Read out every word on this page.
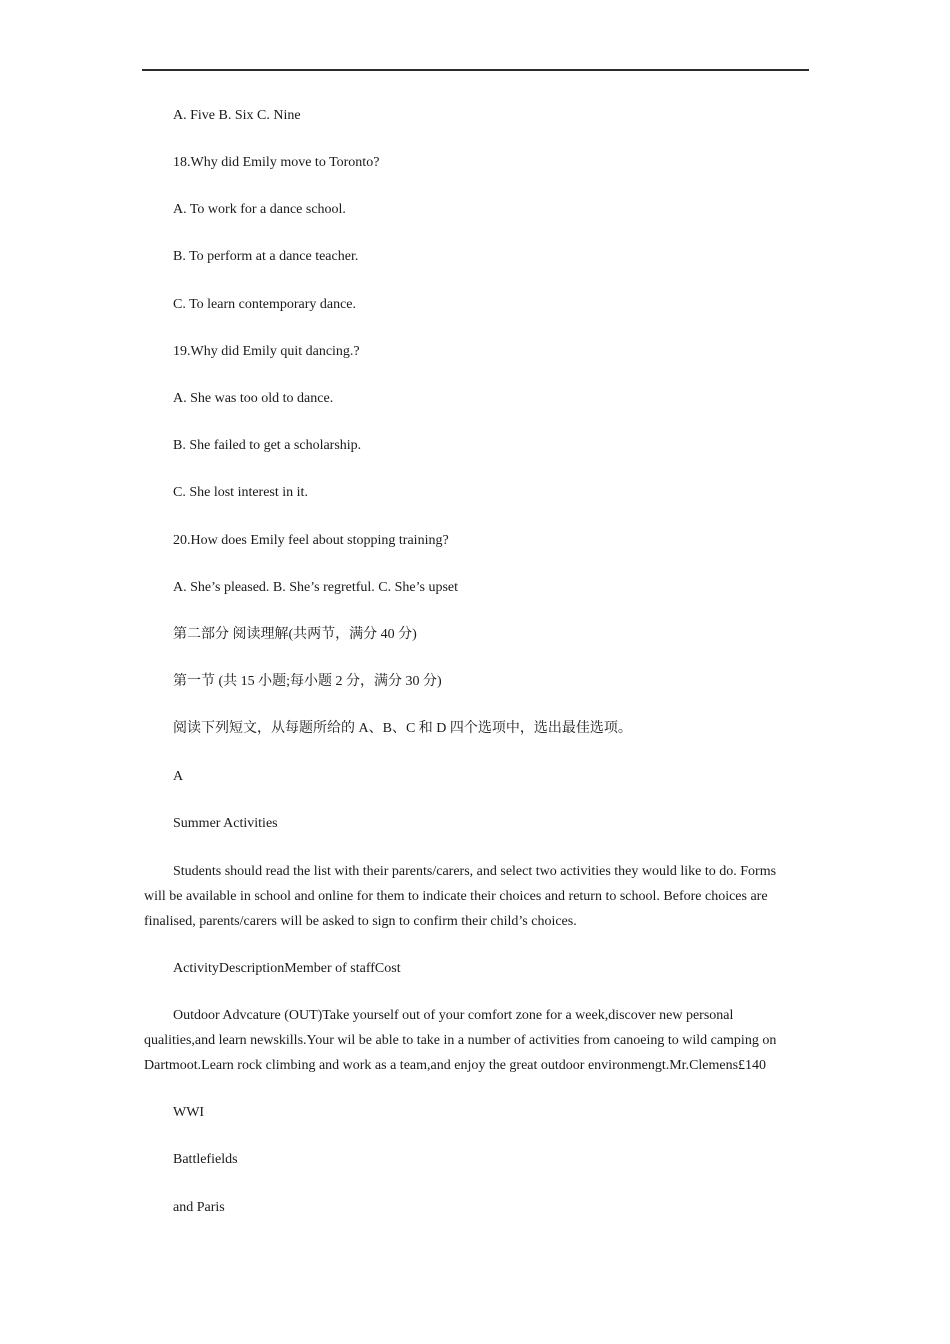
A. Five B. Six C. Nine
18.Why did Emily move to Toronto?
A. To work for a dance school.
B. To perform at a dance teacher.
C. To learn contemporary dance.
19.Why did Emily quit dancing.?
A. She was too old to dance.
B. She failed to get a scholarship.
C. She lost interest in it.
20.How does Emily feel about stopping training?
A. She’s pleased. B. She’s regretful. C. She’s upset
第二部分 阅读理解(共两节，满分 40 分)
第一节 (共 15 小题;每小题 2 分，满分 30 分)
阅读下列短文，从每题所给的 A、B、C 和 D 四个选项中，选出最佳选项。
A
Summer Activities
Students should read the list with their parents/carers, and select two activities they would like to do. Forms will be available in school and online for them to indicate their choices and return to school. Before choices are finalised, parents/carers will be asked to sign to confirm their child’s choices.
ActivityDescriptionMember of staffCost
Outdoor Advcature (OUT)Take yourself out of your comfort zone for a week,discover new personal qualities,and learn newskills.Your wil be able to take in a number of activities from canoeing to wild camping on Dartmoot.Learn rock climbing and work as a team,and enjoy the great outdoor environmengt.Mr.Clemens£140
WWI
Battlefields
and Paris
